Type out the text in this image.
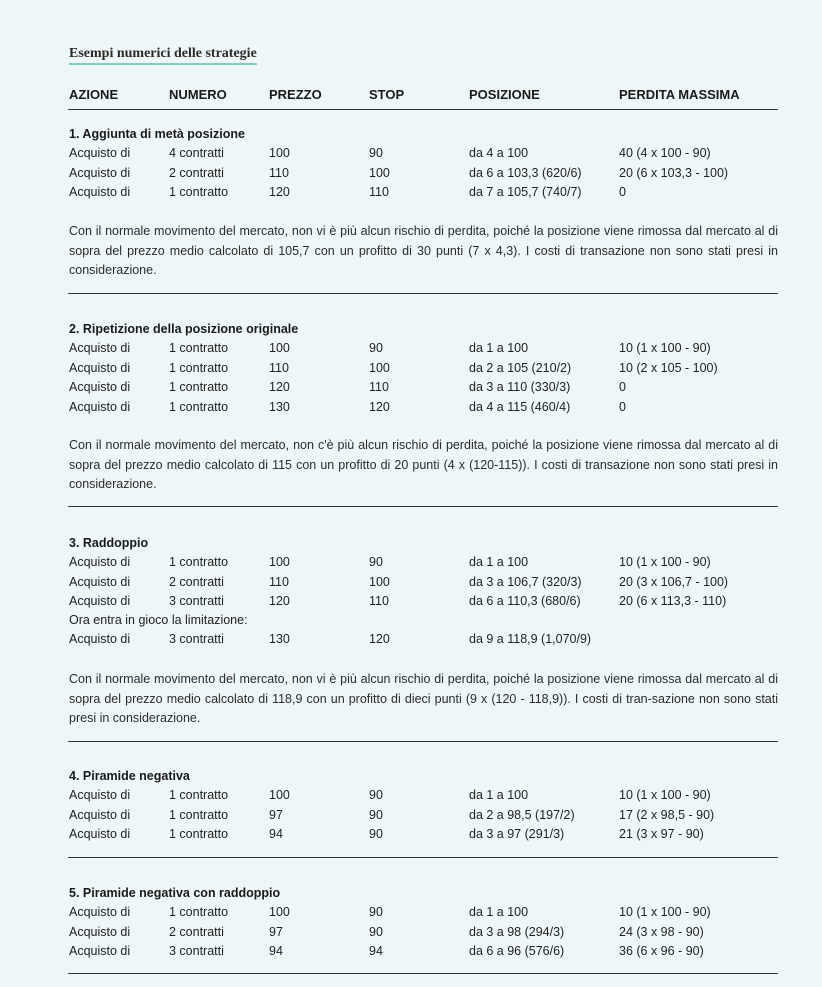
Esempi numerici delle strategie
AZIONE	NUMERO	PREZZO	STOP	POSIZIONE	PERDITA MASSIMA
1. Aggiunta di metà posizione
Con il normale movimento del mercato, non vi è più alcun rischio di perdita, poiché la posizione viene rimossa dal mercato al di sopra del prezzo medio calcolato di 105,7 con un profitto di 30 punti (7 x 4,3). I costi di transazione non sono stati presi in considerazione.
2. Ripetizione della posizione originale
Con il normale movimento del mercato, non c'è più alcun rischio di perdita, poiché la posizione viene rimossa dal mercato al di sopra del prezzo medio calcolato di 115 con un profitto di 20 punti (4 x (120-115)). I costi di transazione non sono stati presi in considerazione.
3. Raddoppio
Ora entra in gioco la limitazione:
Con il normale movimento del mercato, non vi è più alcun rischio di perdita, poiché la posizione viene rimossa dal mercato al di sopra del prezzo medio calcolato di 118,9 con un profitto di dieci punti (9 x (120 - 118,9)). I costi di tran-sazione non sono stati presi in considerazione.
4. Piramide negativa
5. Piramide negativa con raddoppio
Acquisto di	4 contratti	100	90	da 4 a 100	40 (4 x 100 - 90)
Acquisto di	2 contratti	110	100	da 6 a 103,3 (620/6)	20 (6 x 103,3 - 100)
Acquisto di	1 contratto	120	110	da 7 a 105,7 (740/7)	0
Acquisto di	1 contratto	100	90	da 1 a 100	10 (1 x 100 - 90)
Acquisto di	1 contratto	110	100	da 2 a 105 (210/2)	10 (2 x 105 - 100)
Acquisto di	1 contratto	120	110	da 3 a 110 (330/3)	0
Acquisto di	1 contratto	130	120	da 4 a 115 (460/4)	0
Acquisto di	1 contratto	100	90	da 1 a 100	10 (1 x 100 - 90)
Acquisto di	2 contratti	110	100	da 3 a 106,7 (320/3)	20 (3 x 106,7 - 100)
Acquisto di	3 contratti	120	110	da 6 a 110,3 (680/6)	20 (6 x 113,3 - 110)
Acquisto di	3 contratti	130	120	da 9 a 118,9 (1,070/9)
Acquisto di	1 contratto	100	90	da 1 a 100	10 (1 x 100 - 90)
Acquisto di	1 contratto	97	90	da 2 a 98,5 (197/2)	17 (2 x 98,5 - 90)
Acquisto di	1 contratto	94	90	da 3 a 97 (291/3)	21 (3 x 97 - 90)
Acquisto di	1 contratto	100	90	da 1 a 100	10 (1 x 100 - 90)
Acquisto di	2 contratti	97	90	da 3 a 98 (294/3)	24 (3 x 98 - 90)
Acquisto di	3 contratti	94	94	da 6 a 96 (576/6)	36 (6 x 96 - 90)
